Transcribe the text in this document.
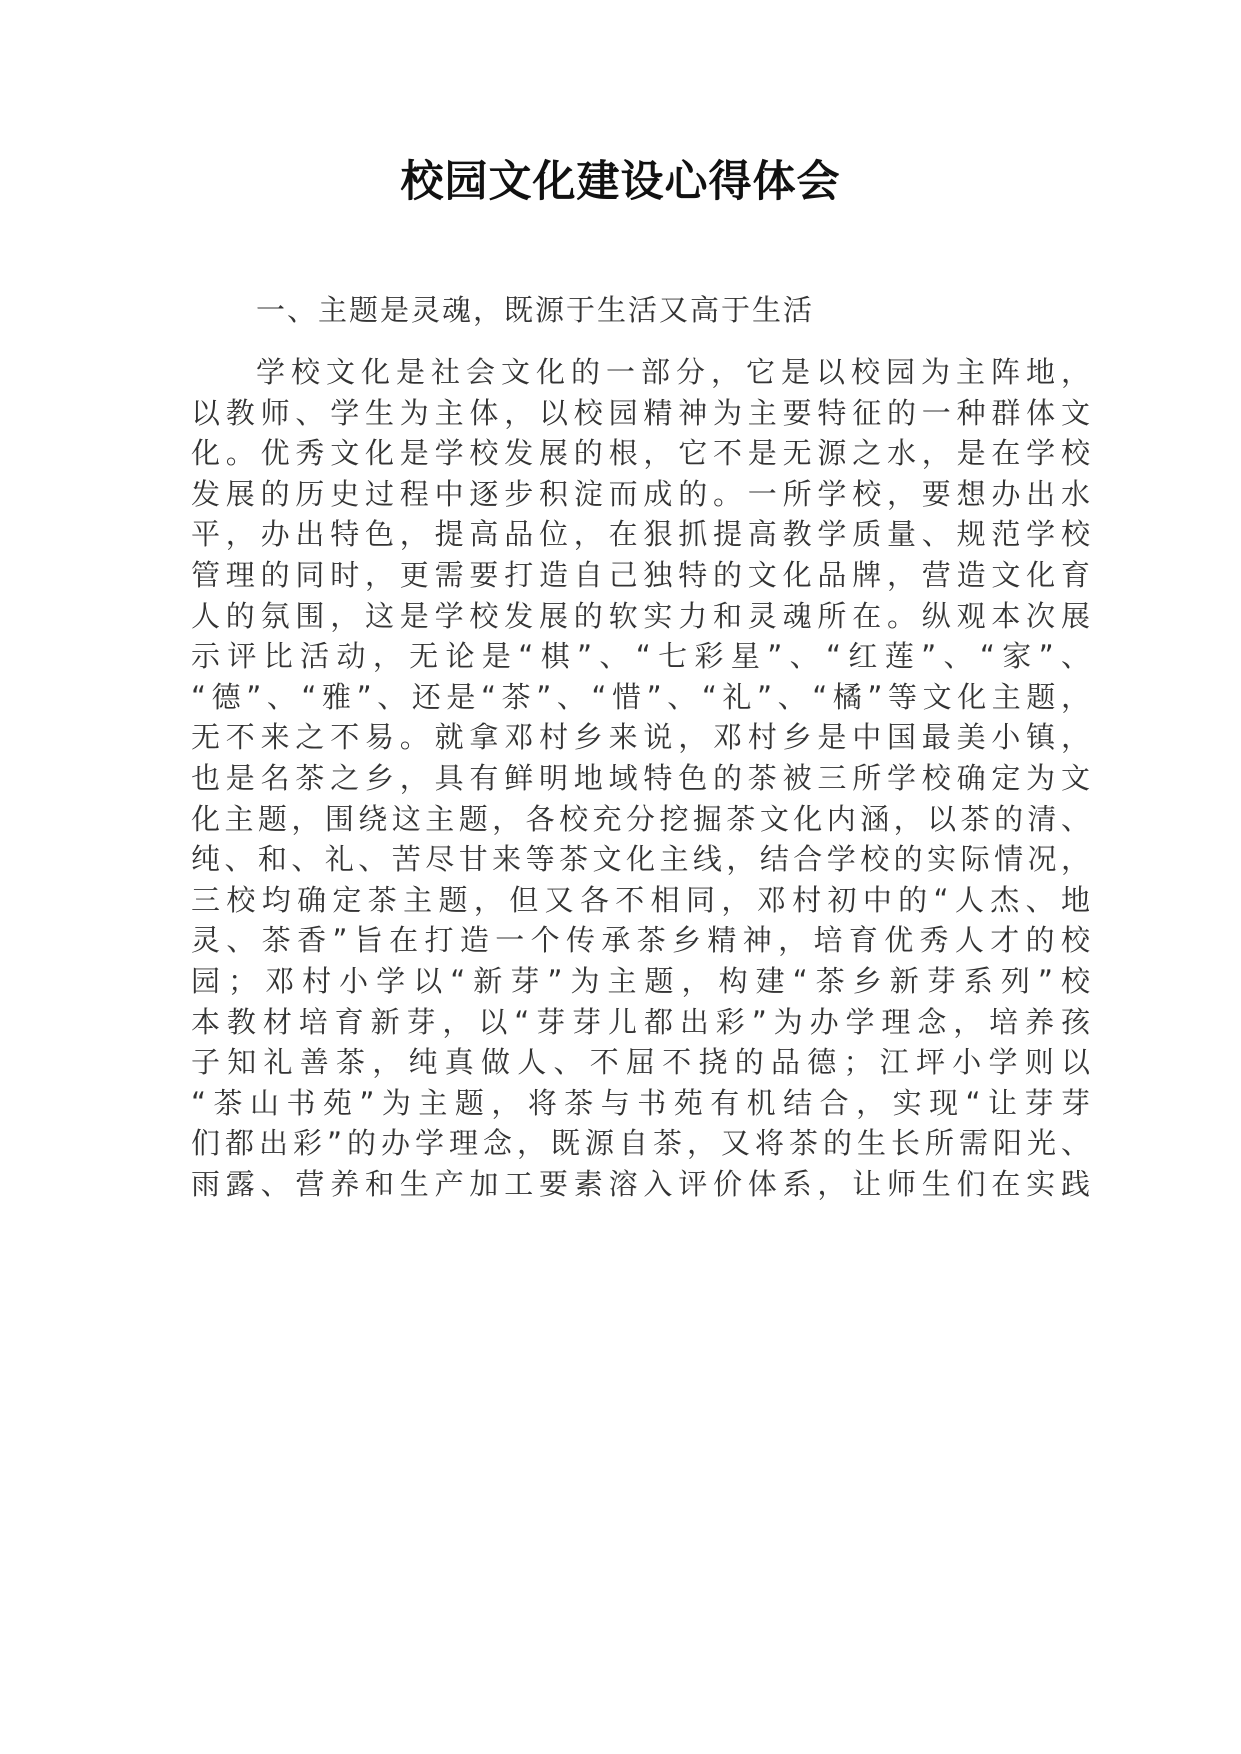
校园文化建设心得体会

一、主题是灵魂，既源于生活又高于生活

学校文化是社会文化的一部分，它是以校园为主阵地，
以教师、学生为主体，以校园精神为主要特征的一种群体文
化。优秀文化是学校发展的根，它不是无源之水，是在学校
发展的历史过程中逐步积淀而成的。一所学校，要想办出水
平，办出特色，提高品位，在狠抓提高教学质量、规范学校
管理的同时，更需要打造自己独特的文化品牌，营造文化育
人的氛围，这是学校发展的软实力和灵魂所在。纵观本次展
示评比活动，无论是“棋”、“七彩星”、“红莲”、“家”、
“德”、“雅”、还是“茶”、“惜”、“礼”、“橘”等文化主题，
无不来之不易。就拿邓村乡来说，邓村乡是中国最美小镇，
也是名茶之乡，具有鲜明地域特色的茶被三所学校确定为文
化主题，围绕这主题，各校充分挖掘茶文化内涵，以茶的清、
纯、和、礼、苦尽甘来等茶文化主线，结合学校的实际情况，
三校均确定茶主题，但又各不相同，邓村初中的“人杰、地
灵、茶香”旨在打造一个传承茶乡精神，培育优秀人才的校
园；邓村小学以“新芽”为主题，构建“茶乡新芽系列”校
本教材培育新芽，以“芽芽儿都出彩”为办学理念，培养孩
子知礼善茶，纯真做人、不屈不挠的品德；江坪小学则以
“茶山书苑”为主题，将茶与书苑有机结合，实现“让芽芽
们都出彩”的办学理念，既源自茶，又将茶的生长所需阳光、
雨露、营养和生产加工要素溶入评价体系，让师生们在实践
